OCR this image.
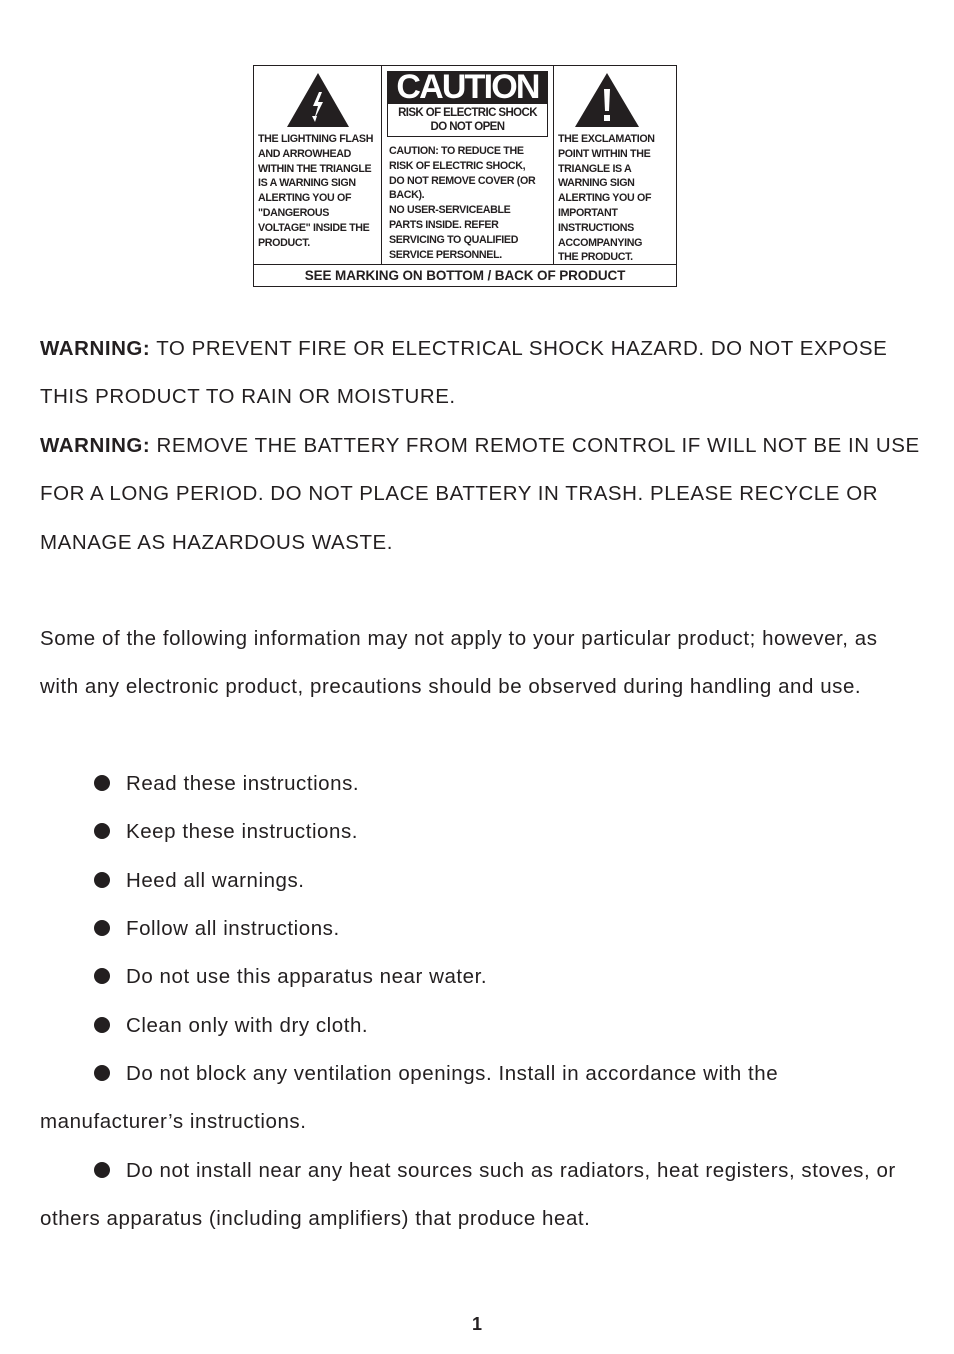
THE LIGHTNING FLASH
AND ARROWHEAD
WITHIN THE TRIANGLE
IS A WARNING SIGN
ALERTING YOU OF
"DANGEROUS
VOLTAGE" INSIDE THE
PRODUCT.
CAUTION
RISK OF ELECTRIC SHOCK
DO NOT OPEN
CAUTION: TO REDUCE THE
RISK OF ELECTRIC SHOCK,
DO NOT REMOVE COVER (OR
BACK).
NO USER-SERVICEABLE
PARTS INSIDE. REFER
SERVICING TO QUALIFIED
SERVICE PERSONNEL.
THE EXCLAMATION
POINT WITHIN THE
TRIANGLE IS A
WARNING SIGN
ALERTING YOU OF
IMPORTANT
INSTRUCTIONS
ACCOMPANYING
THE PRODUCT.
SEE MARKING ON BOTTOM / BACK OF PRODUCT
WARNING: TO PREVENT FIRE OR ELECTRICAL SHOCK HAZARD. DO NOT EXPOSE THIS PRODUCT TO RAIN OR MOISTURE.
WARNING: REMOVE THE BATTERY FROM REMOTE CONTROL IF WILL NOT BE IN USE FOR A LONG PERIOD. DO NOT PLACE BATTERY IN TRASH. PLEASE RECYCLE OR MANAGE AS HAZARDOUS WASTE.
Some of the following information may not apply to your particular product; however, as with any electronic product, precautions should be observed during handling and use.
Read these instructions.
Keep these instructions.
Heed all warnings.
Follow all instructions.
Do not use this apparatus near water.
Clean only with dry cloth.
Do not block any ventilation openings. Install in accordance with the manufacturer’s instructions.
Do not install near any heat sources such as radiators, heat registers, stoves, or others apparatus (including amplifiers) that produce heat.
1
